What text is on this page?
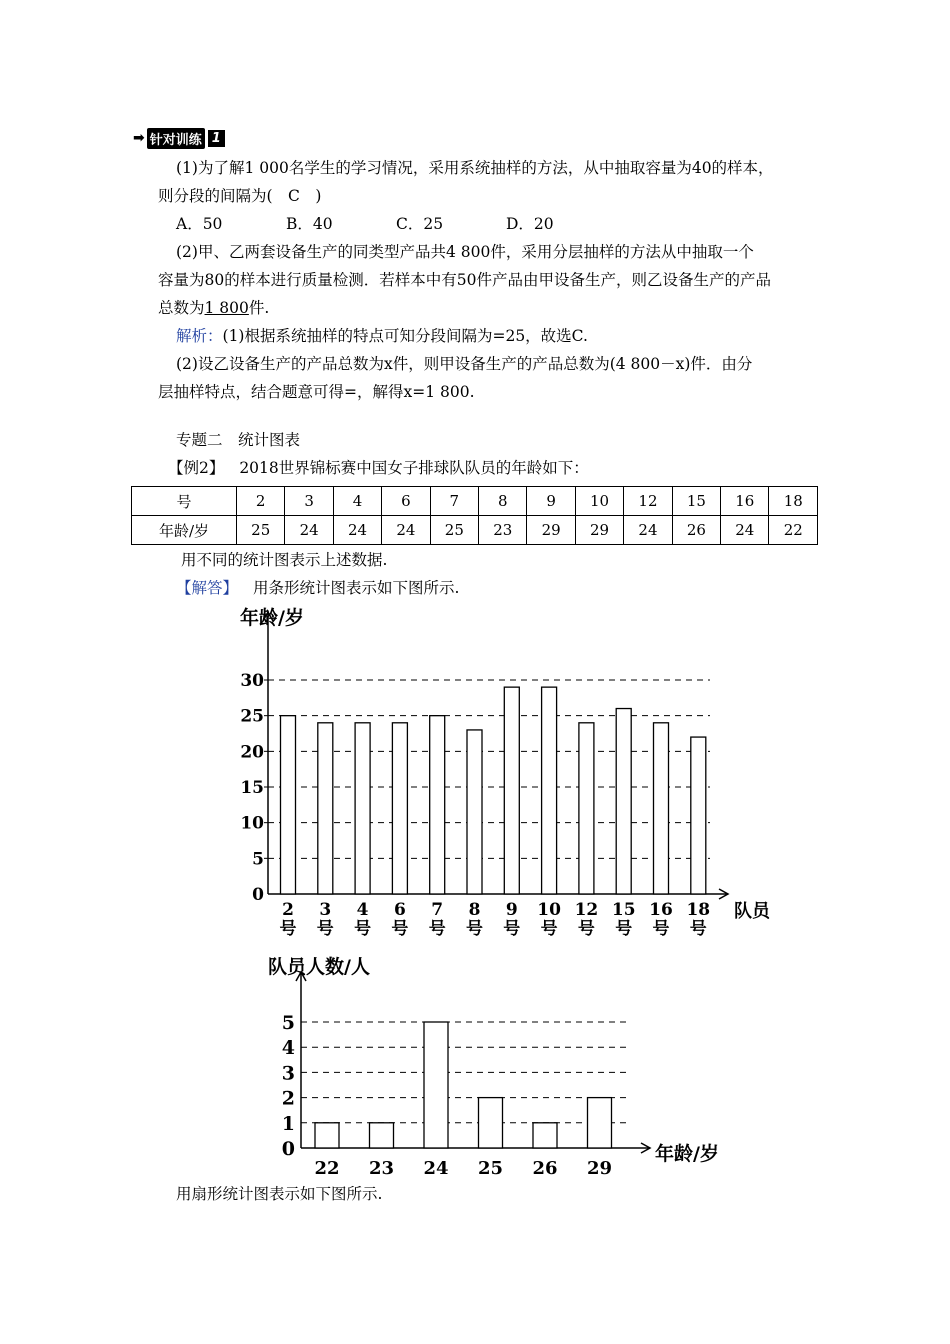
➡ 针对训练 1
(1)为了解1 000名学生的学习情况，采用系统抽样的方法，从中抽取容量为40的样本，
则分段的间隔为(　C　)
A．50	B．40	C．25	D．20
(2)甲、乙两套设备生产的同类型产品共4 800件，采用分层抽样的方法从中抽取一个
容量为80的样本进行质量检测．若样本中有50件产品由甲设备生产，则乙设备生产的产品
总数为1 800件.
解析：(1)根据系统抽样的特点可知分段间隔为=25，故选C.
(2)设乙设备生产的产品总数为x件，则甲设备生产的产品总数为(4 800－x)件．由分
层抽样特点，结合题意可得=，解得x=1 800.
专题二　统计图表
【例2】 2018世界锦标赛中国女子排球队队员的年龄如下：
号	2	3	4	6	7	8	9	10	12	15	16	18
年龄/岁	25	24	24	24	25	23	29	29	24	26	24	22
用不同的统计图表示上述数据.
【解答】 用条形统计图表示如下图所示.
年龄/岁
队员
0
5
10
15
20
25
30
2
号
3
号
4
号
6
号
7
号
8
号
9
号
10
号
12
号
15
号
16
号
18
号
队员人数/人
年龄/岁
0
1
2
3
4
5
22 23 24 25 26 29
用扇形统计图表示如下图所示.
